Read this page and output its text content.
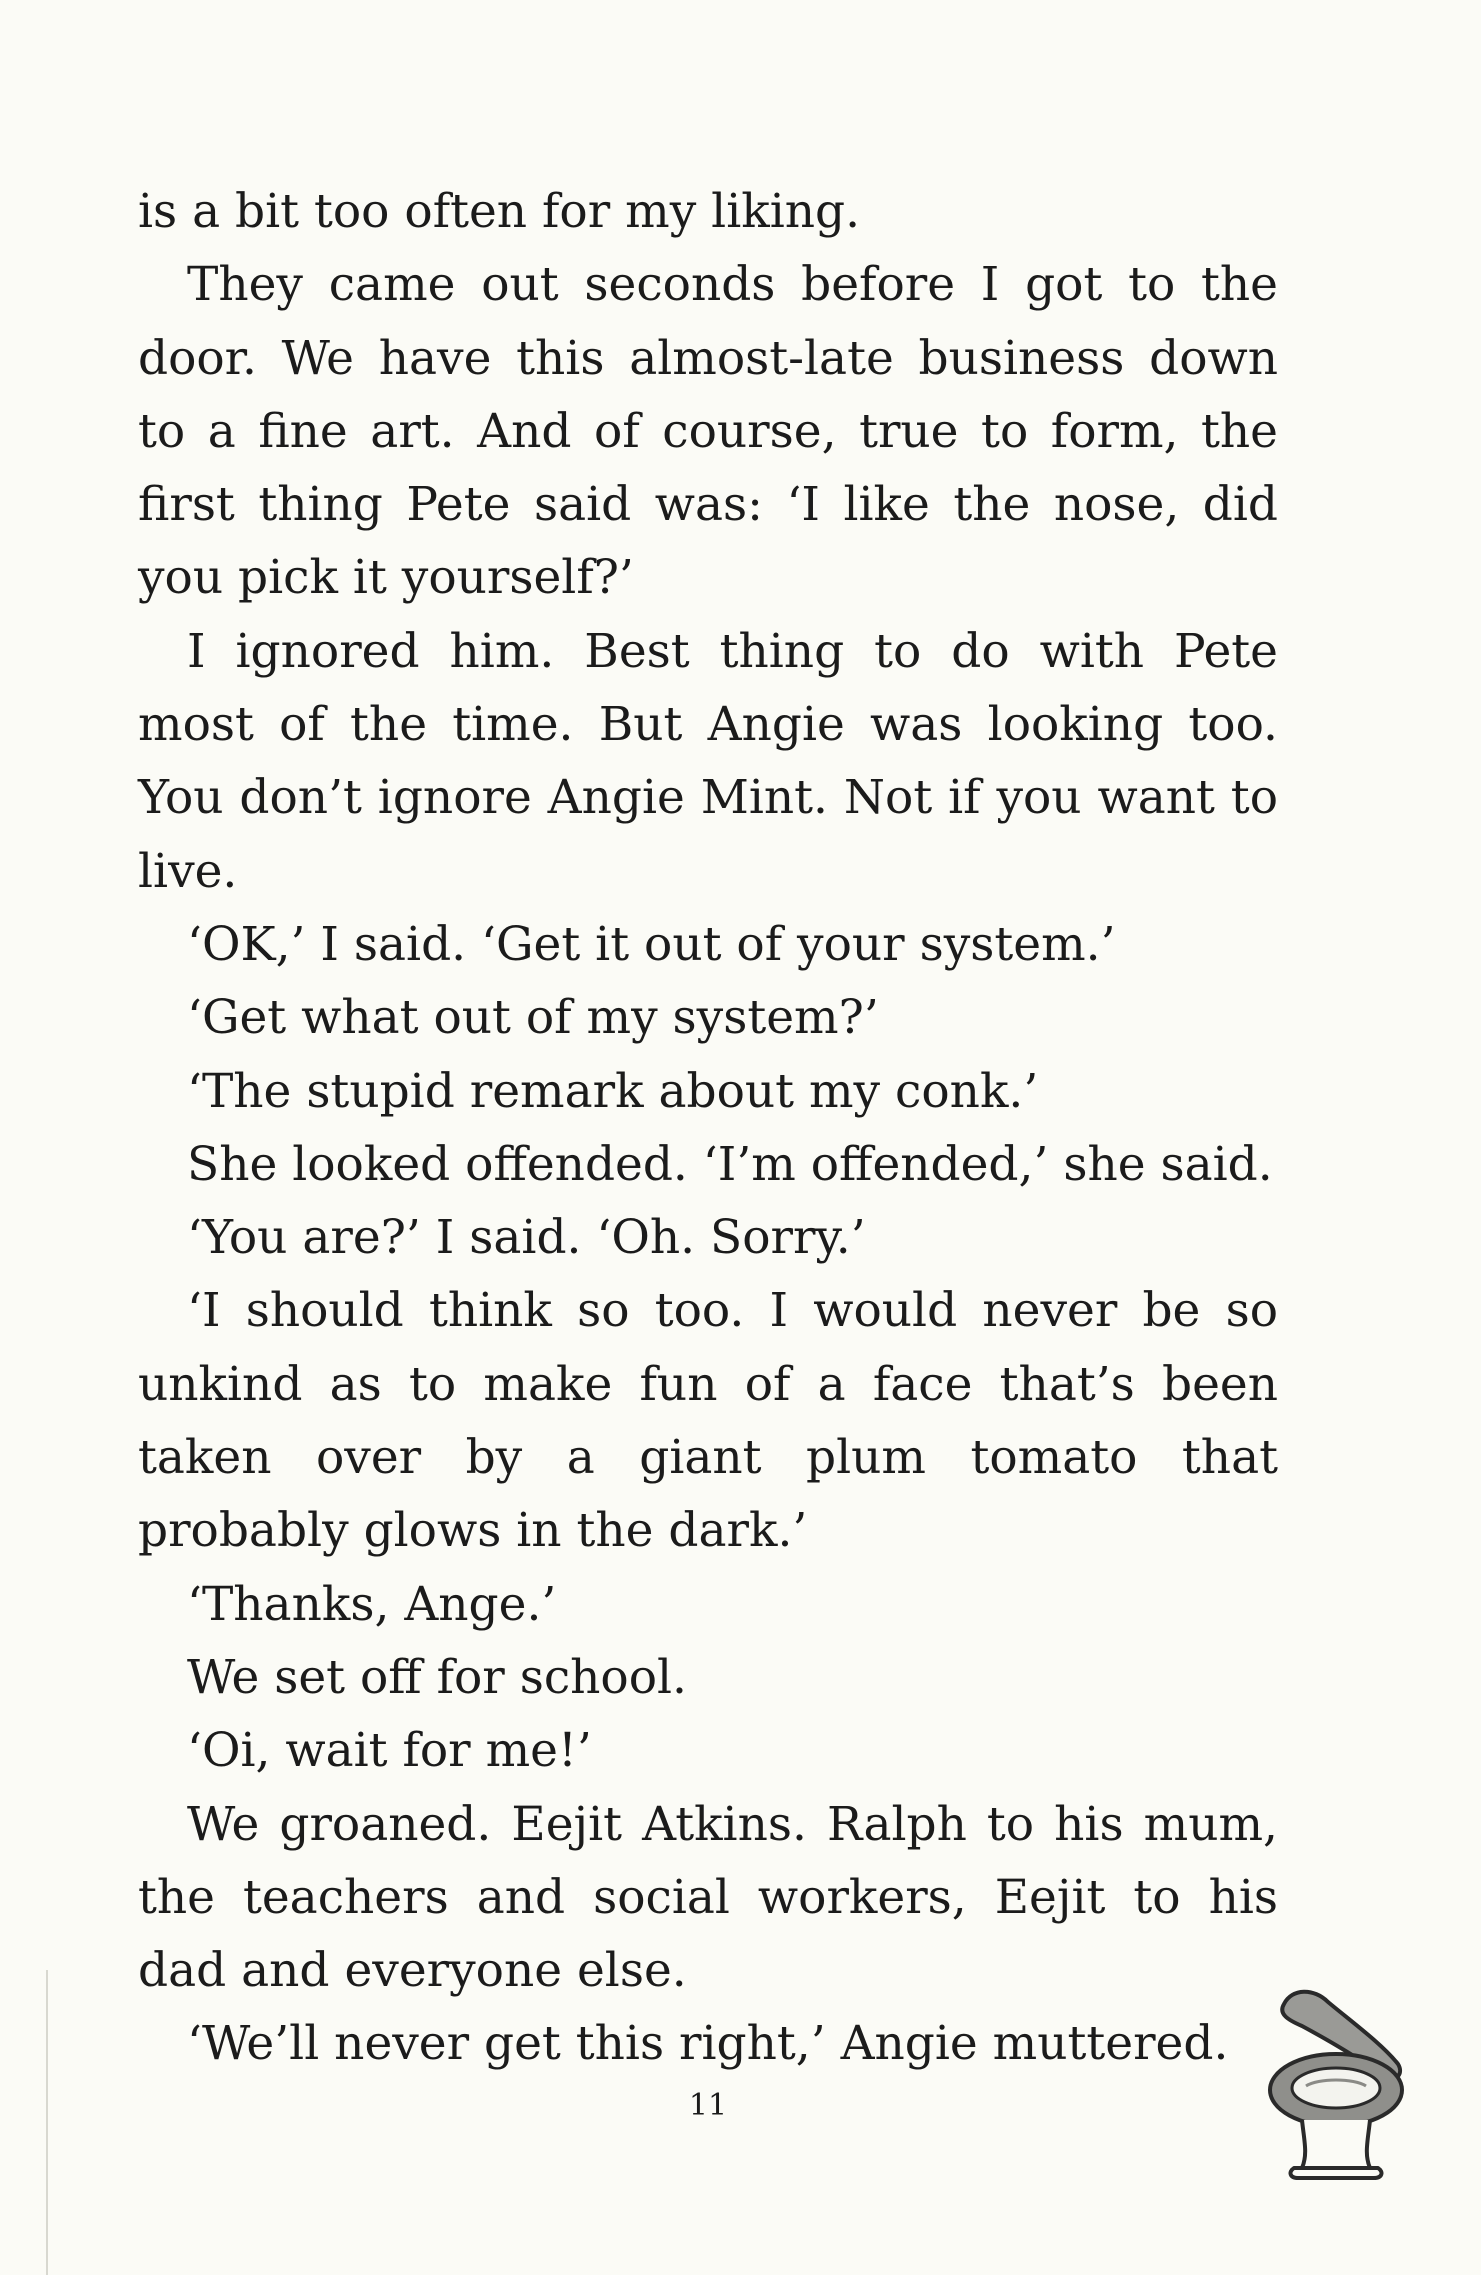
is a bit too often for my liking.

They came out seconds before I got to the door. We have this almost-late business down to a fine art. And of course, true to form, the first thing Pete said was: ‘I like the nose, did you pick it yourself?’

I ignored him. Best thing to do with Pete most of the time. But Angie was looking too. You don’t ignore Angie Mint. Not if you want to live.

‘OK,’ I said. ‘Get it out of your system.’

‘Get what out of my system?’

‘The stupid remark about my conk.’

She looked offended. ‘I’m offended,’ she said.

‘You are?’ I said. ‘Oh. Sorry.’

‘I should think so too. I would never be so unkind as to make fun of a face that’s been taken over by a giant plum tomato that probably glows in the dark.’

‘Thanks, Ange.’

We set off for school.

‘Oi, wait for me!’

We groaned. Eejit Atkins. Ralph to his mum, the teachers and social workers, Eejit to his dad and everyone else.

‘We’ll never get this right,’ Angie muttered.

11
